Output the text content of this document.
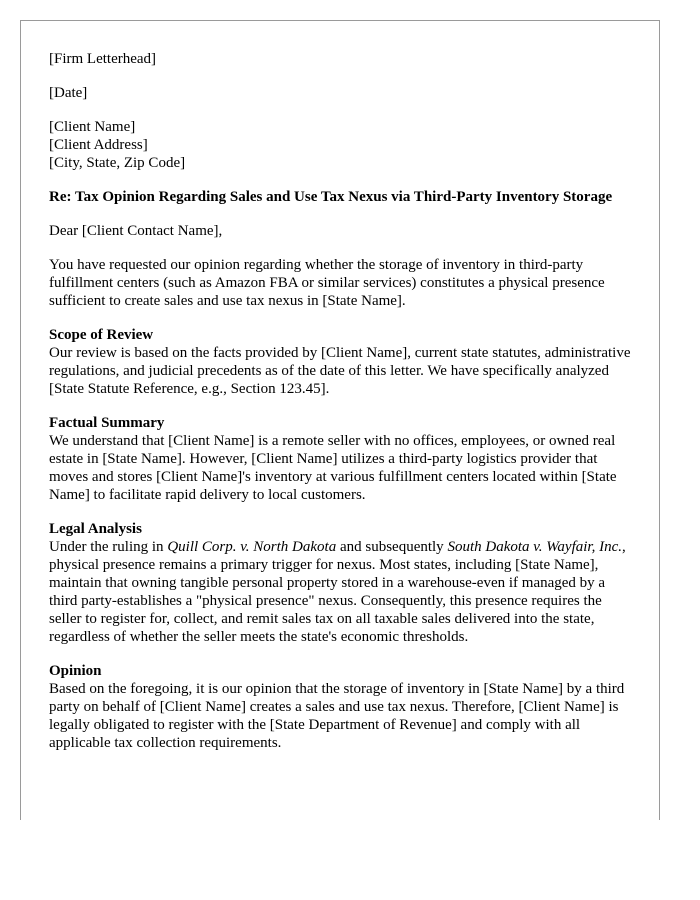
[Firm Letterhead]
[Date]
[Client Name]
[Client Address]
[City, State, Zip Code]
Re: Tax Opinion Regarding Sales and Use Tax Nexus via Third-Party Inventory Storage
Dear [Client Contact Name],
You have requested our opinion regarding whether the storage of inventory in third-party fulfillment centers (such as Amazon FBA or similar services) constitutes a physical presence sufficient to create sales and use tax nexus in [State Name].
Scope of Review
Our review is based on the facts provided by [Client Name], current state statutes, administrative regulations, and judicial precedents as of the date of this letter. We have specifically analyzed [State Statute Reference, e.g., Section 123.45].
Factual Summary
We understand that [Client Name] is a remote seller with no offices, employees, or owned real estate in [State Name]. However, [Client Name] utilizes a third-party logistics provider that moves and stores [Client Name]'s inventory at various fulfillment centers located within [State Name] to facilitate rapid delivery to local customers.
Legal Analysis
Under the ruling in Quill Corp. v. North Dakota and subsequently South Dakota v. Wayfair, Inc., physical presence remains a primary trigger for nexus. Most states, including [State Name], maintain that owning tangible personal property stored in a warehouse-even if managed by a third party-establishes a "physical presence" nexus. Consequently, this presence requires the seller to register for, collect, and remit sales tax on all taxable sales delivered into the state, regardless of whether the seller meets the state's economic thresholds.
Opinion
Based on the foregoing, it is our opinion that the storage of inventory in [State Name] by a third party on behalf of [Client Name] creates a sales and use tax nexus. Therefore, [Client Name] is legally obligated to register with the [State Department of Revenue] and comply with all applicable tax collection requirements.
